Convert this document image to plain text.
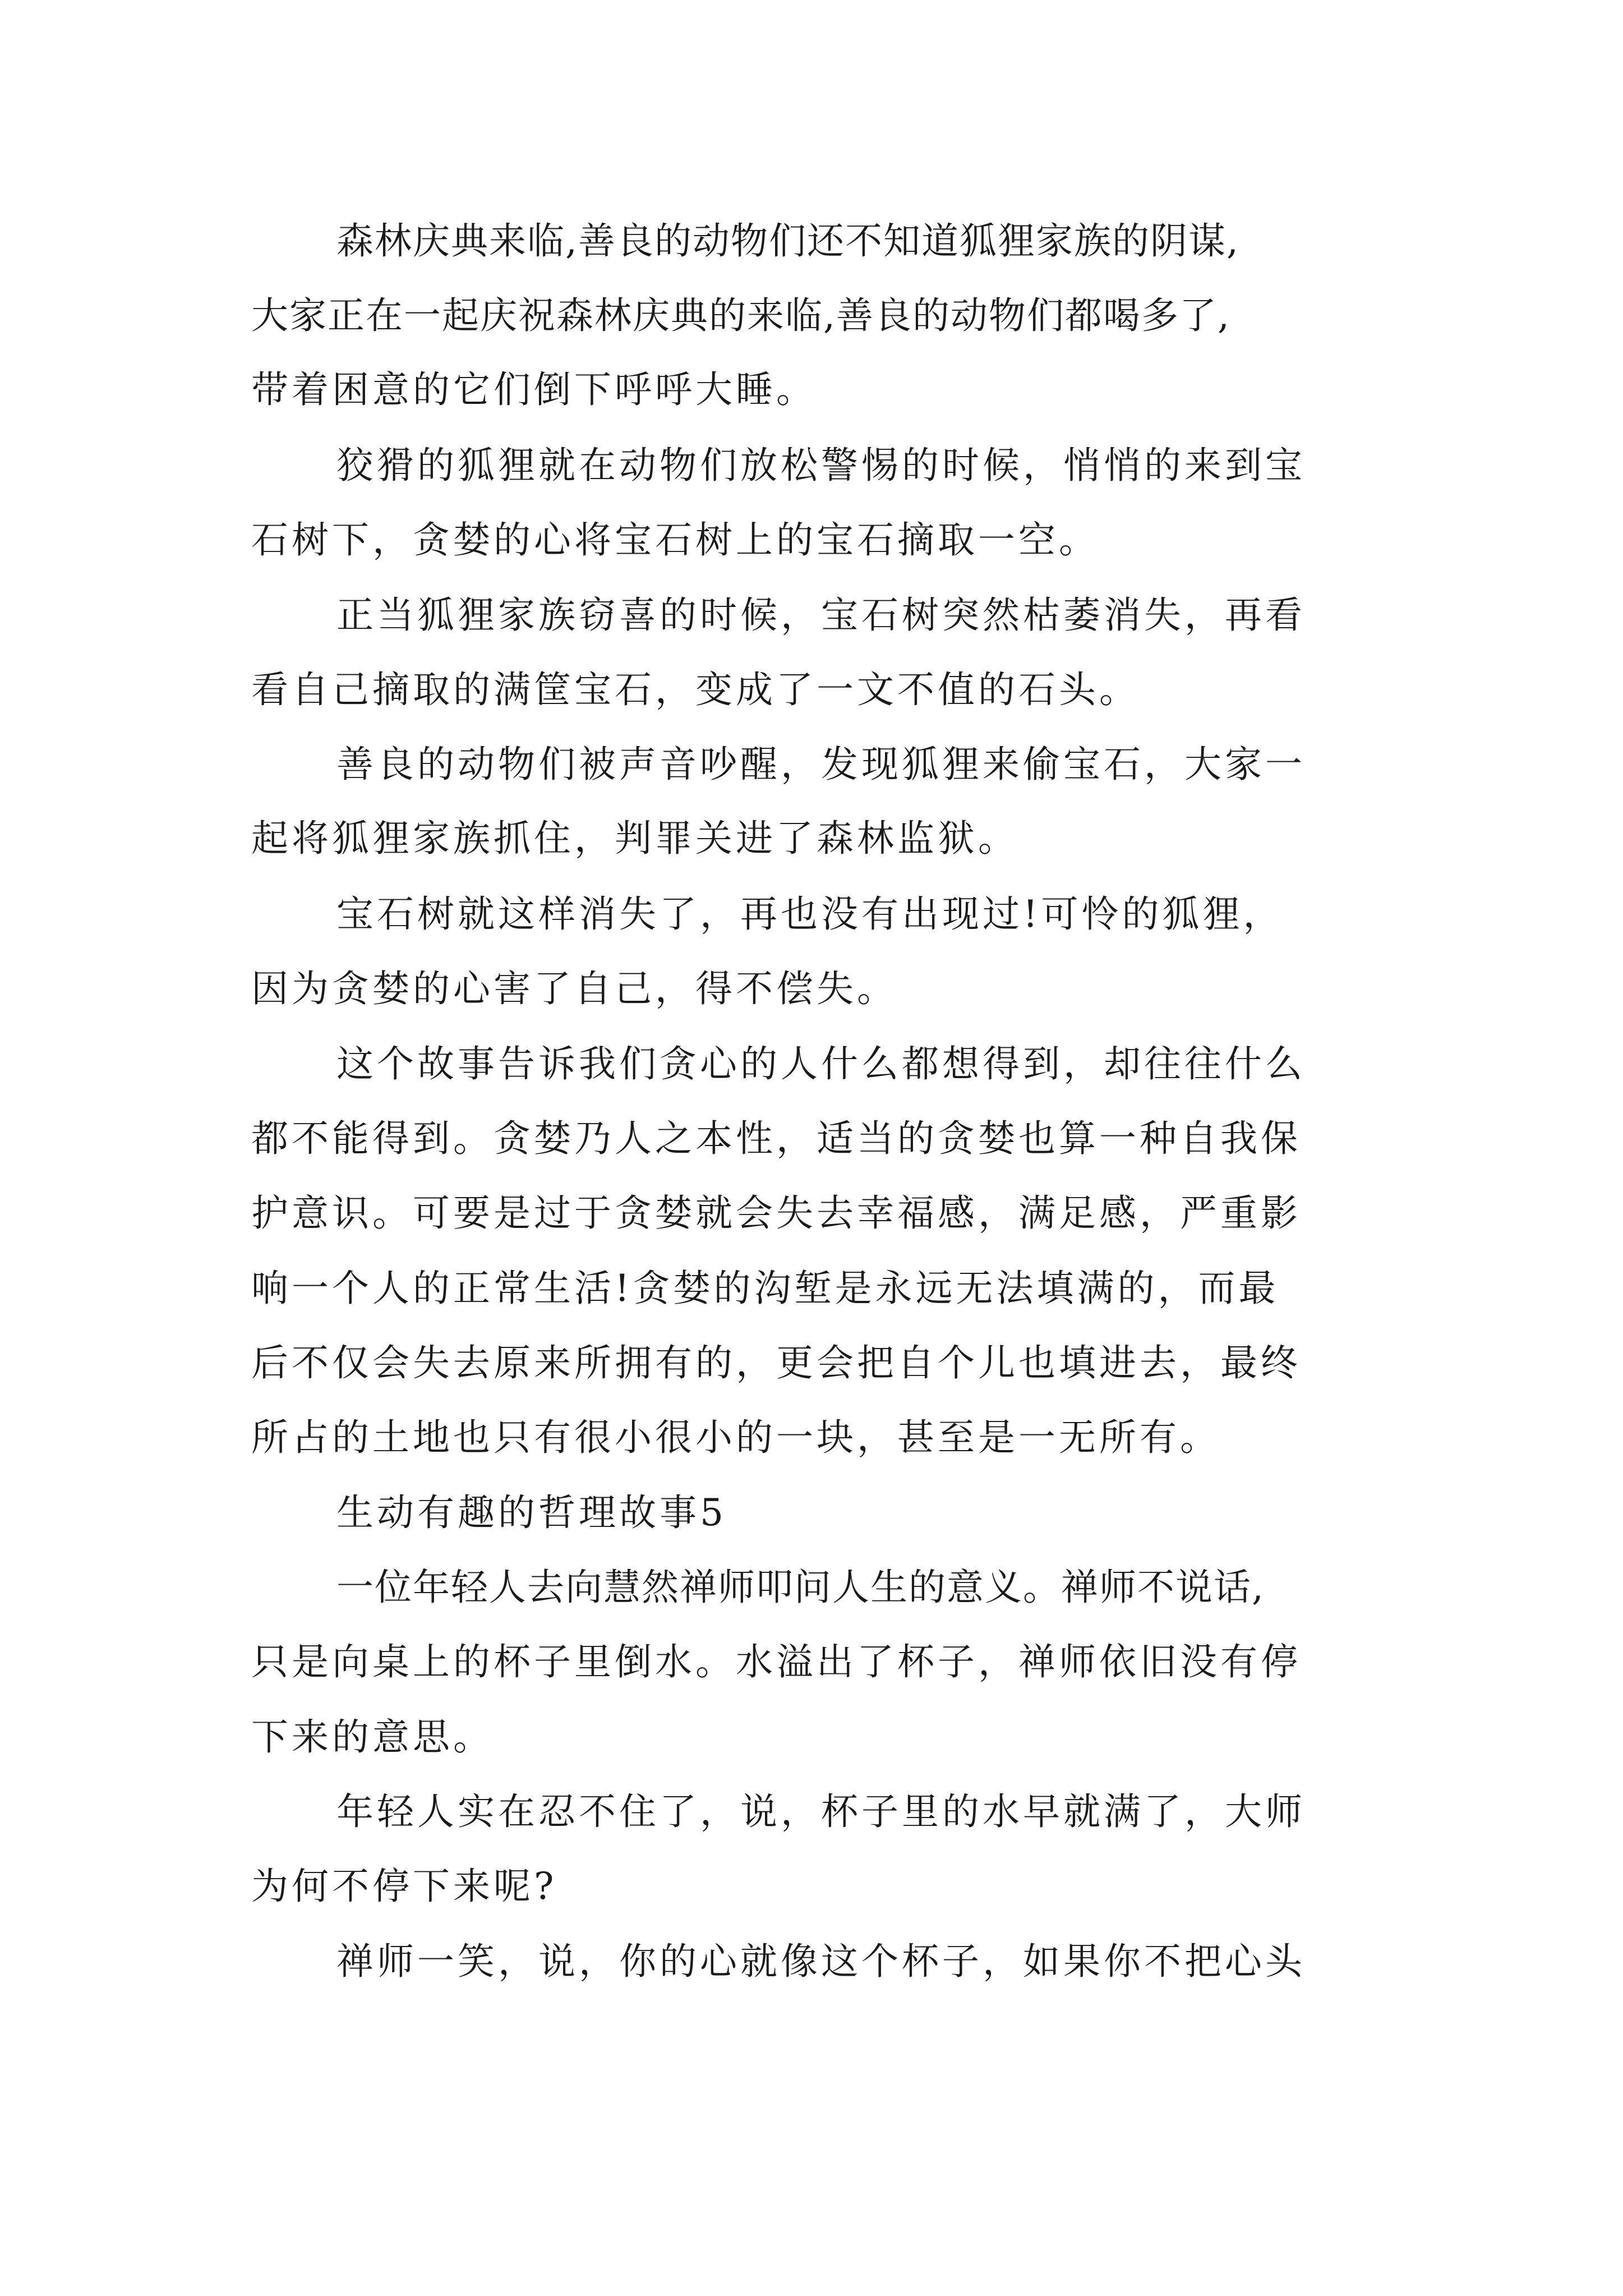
森林庆典来临,善良的动物们还不知道狐狸家族的阴谋,
大家正在一起庆祝森林庆典的来临,善良的动物们都喝多了,
带着困意的它们倒下呼呼大睡。
狡猾的狐狸就在动物们放松警惕的时候，悄悄的来到宝
石树下，贪婪的心将宝石树上的宝石摘取一空。
正当狐狸家族窃喜的时候，宝石树突然枯萎消失，再看
看自己摘取的满筐宝石，变成了一文不值的石头。
善良的动物们被声音吵醒，发现狐狸来偷宝石，大家一
起将狐狸家族抓住，判罪关进了森林监狱。
宝石树就这样消失了，再也没有出现过!可怜的狐狸，
因为贪婪的心害了自己，得不偿失。
这个故事告诉我们贪心的人什么都想得到，却往往什么
都不能得到。贪婪乃人之本性，适当的贪婪也算一种自我保
护意识。可要是过于贪婪就会失去幸福感，满足感，严重影
响一个人的正常生活!贪婪的沟堑是永远无法填满的，而最
后不仅会失去原来所拥有的，更会把自个儿也填进去，最终
所占的土地也只有很小很小的一块，甚至是一无所有。
生动有趣的哲理故事5
一位年轻人去向慧然禅师叩问人生的意义。禅师不说话,
只是向桌上的杯子里倒水。水溢出了杯子，禅师依旧没有停
下来的意思。
年轻人实在忍不住了，说，杯子里的水早就满了，大师
为何不停下来呢?
禅师一笑，说，你的心就像这个杯子，如果你不把心头
